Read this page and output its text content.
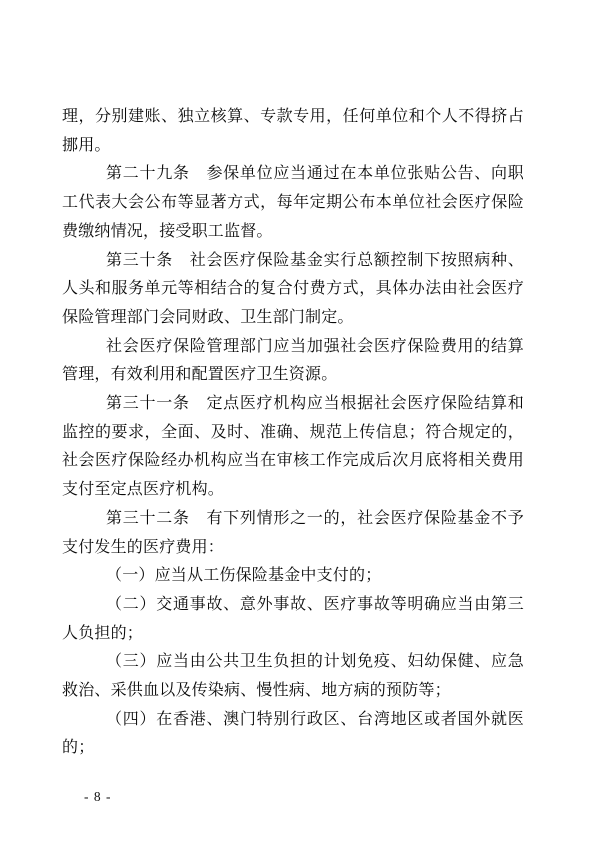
理，分别建账、独立核算、专款专用，任何单位和个人不得挤占挪用。

第二十九条　参保单位应当通过在本单位张贴公告、向职工代表大会公布等显著方式，每年定期公布本单位社会医疗保险费缴纳情况，接受职工监督。

第三十条　社会医疗保险基金实行总额控制下按照病种、人头和服务单元等相结合的复合付费方式，具体办法由社会医疗保险管理部门会同财政、卫生部门制定。

社会医疗保险管理部门应当加强社会医疗保险费用的结算管理，有效利用和配置医疗卫生资源。

第三十一条　定点医疗机构应当根据社会医疗保险结算和监控的要求，全面、及时、准确、规范上传信息；符合规定的，社会医疗保险经办机构应当在审核工作完成后次月底将相关费用支付至定点医疗机构。

第三十二条　有下列情形之一的，社会医疗保险基金不予支付发生的医疗费用：

（一）应当从工伤保险基金中支付的；

（二）交通事故、意外事故、医疗事故等明确应当由第三人负担的；

（三）应当由公共卫生负担的计划免疫、妇幼保健、应急救治、采供血以及传染病、慢性病、地方病的预防等；

（四）在香港、澳门特别行政区、台湾地区或者国外就医的；

- 8 -
